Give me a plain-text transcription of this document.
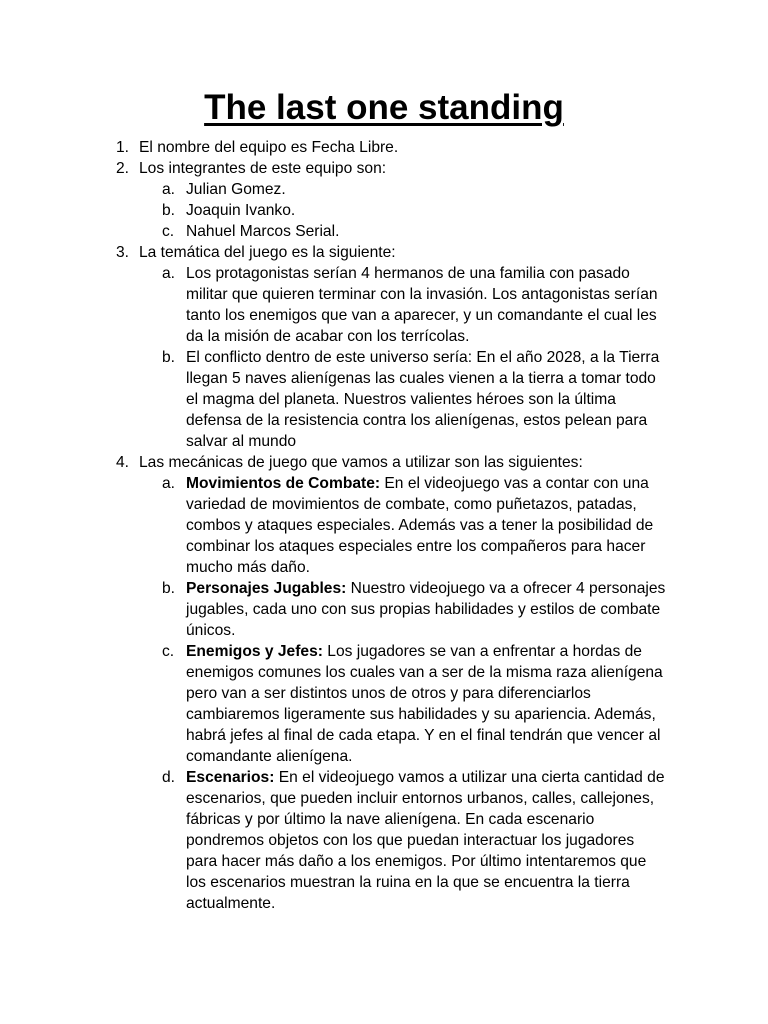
The last one standing
1. El nombre del equipo es Fecha Libre.
2. Los integrantes de este equipo son:
a. Julian Gomez.
b. Joaquin Ivanko.
c. Nahuel Marcos Serial.
3. La temática del juego es la siguiente:
a. Los protagonistas serían 4 hermanos de una familia con pasado militar que quieren terminar con la invasión. Los antagonistas serían tanto los enemigos que van a aparecer, y un comandante el cual les da la misión de acabar con los terrícolas.
b. El conflicto dentro de este universo sería: En el año 2028, a la Tierra llegan 5 naves alienígenas las cuales vienen a la tierra a tomar todo el magma del planeta. Nuestros valientes héroes son la última defensa de la resistencia contra los alienígenas, estos pelean para salvar al mundo
4. Las mecánicas de juego que vamos a utilizar son las siguientes:
a. Movimientos de Combate: En el videojuego vas a contar con una variedad de movimientos de combate, como puñetazos, patadas, combos y ataques especiales. Además vas a tener la posibilidad de combinar los ataques especiales entre los compañeros para hacer mucho más daño.
b. Personajes Jugables: Nuestro videojuego va a ofrecer 4 personajes jugables, cada uno con sus propias habilidades y estilos de combate únicos.
c. Enemigos y Jefes: Los jugadores se van a enfrentar a hordas de enemigos comunes los cuales van a ser de la misma raza alienígena pero van a ser distintos unos de otros y para diferenciarlos cambiaremos ligeramente sus habilidades y su apariencia. Además, habrá jefes al final de cada etapa. Y en el final tendrán que vencer al comandante alienígena.
d. Escenarios: En el videojuego vamos a utilizar una cierta cantidad de escenarios, que pueden incluir entornos urbanos, calles, callejones, fábricas y por último la nave alienígena. En cada escenario pondremos objetos con los que puedan interactuar los jugadores para hacer más daño a los enemigos. Por último intentaremos que los escenarios muestran la ruina en la que se encuentra la tierra actualmente.
